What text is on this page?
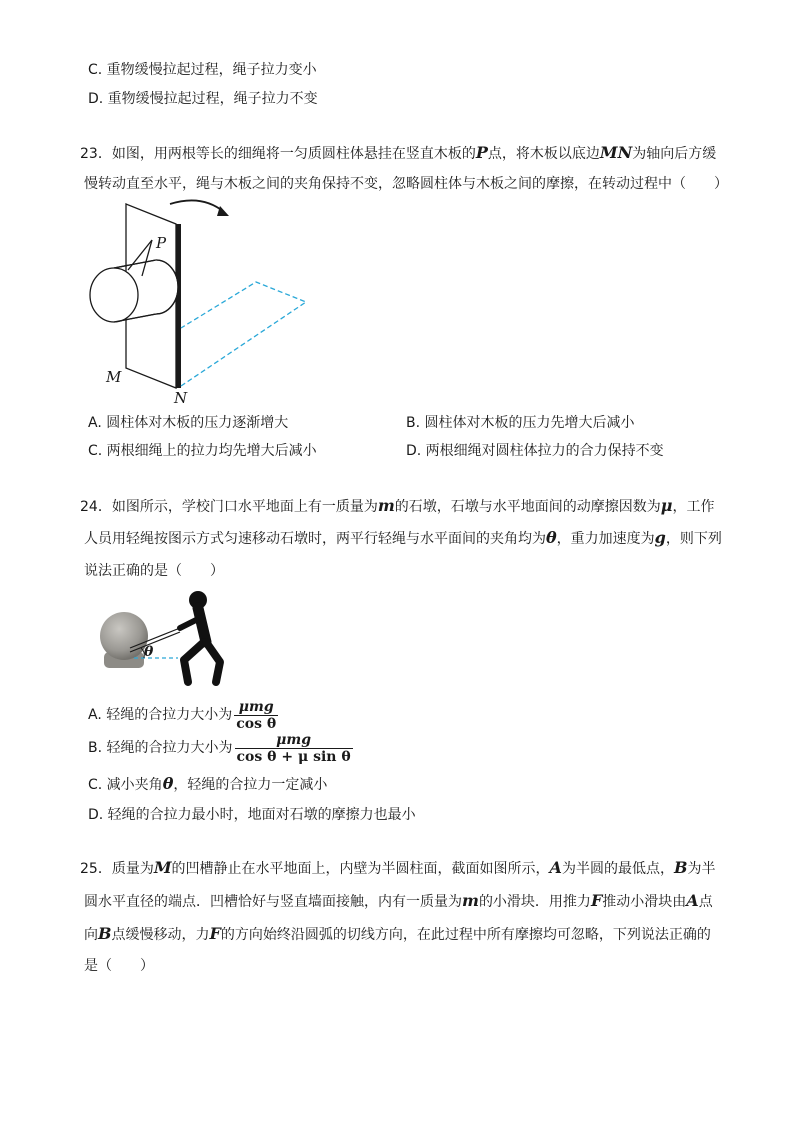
C. 重物缓慢拉起过程，绳子拉力变小
D. 重物缓慢拉起过程，绳子拉力不变
23．如图，用两根等长的细绳将一匀质圆柱体悬挂在竖直木板的P点，将木板以底边MN为轴向后方缓
慢转动直至水平，绳与木板之间的夹角保持不变，忽略圆柱体与木板之间的摩擦，在转动过程中（　　）
P
M
N
A. 圆柱体对木板的压力逐渐增大	B. 圆柱体对木板的压力先增大后减小
C. 两根细绳上的拉力均先增大后减小	D. 两根细绳对圆柱体拉力的合力保持不变
24．如图所示，学校门口水平地面上有一质量为m的石墩，石墩与水平地面间的动摩擦因数为μ，工作
人员用轻绳按图示方式匀速移动石墩时，两平行轻绳与水平面间的夹角均为θ，重力加速度为g，则下列
说法正确的是（　　）
θ
A. 轻绳的合拉力大小为 $\frac{\text{μmg}}{\text{cos θ}}$
B. 轻绳的合拉力大小为 $\frac{\text{μmg}}{\text{cos θ + μ sin θ}}$
C. 减小夹角θ，轻绳的合拉力一定减小
D. 轻绳的合拉力最小时，地面对石墩的摩擦力也最小
25．质量为M的凹槽静止在水平地面上，内壁为半圆柱面，截面如图所示，A为半圆的最低点，B为半
圆水平直径的端点．凹槽恰好与竖直墙面接触，内有一质量为m的小滑块．用推力F推动小滑块由A点
向B点缓慢移动，力F的方向始终沿圆弧的切线方向，在此过程中所有摩擦均可忽略，下列说法正确的
是（　　）
